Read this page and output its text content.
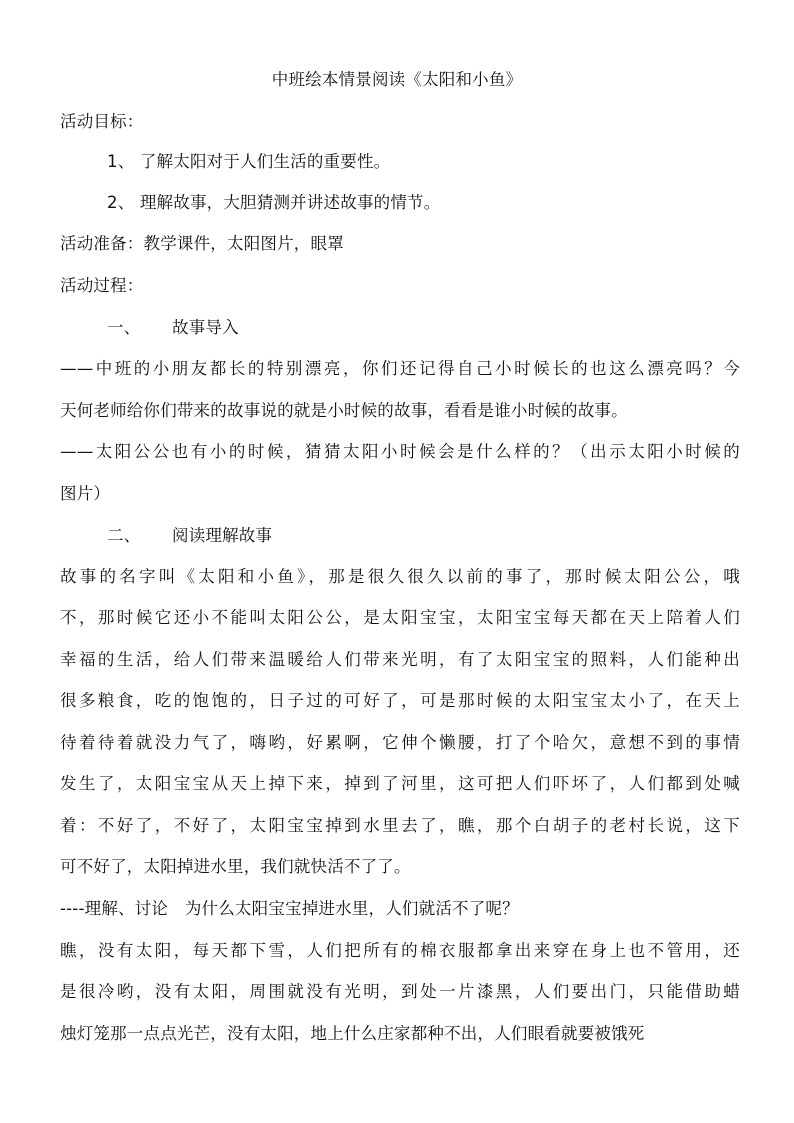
中班绘本情景阅读《太阳和小鱼》
活动目标：
1、 了解太阳对于人们生活的重要性。
2、 理解故事，大胆猜测并讲述故事的情节。
活动准备：教学课件，太阳图片，眼罩
活动过程：
一、 故事导入
——中班的小朋友都长的特别漂亮，你们还记得自己小时候长的也这么漂亮吗？今
天何老师给你们带来的故事说的就是小时候的故事，看看是谁小时候的故事。
——太阳公公也有小的时候，猜猜太阳小时候会是什么样的？（出示太阳小时候的
图片）
二、 阅读理解故事
故事的名字叫《太阳和小鱼》，那是很久很久以前的事了，那时候太阳公公，哦
不，那时候它还小不能叫太阳公公，是太阳宝宝，太阳宝宝每天都在天上陪着人们
幸福的生活，给人们带来温暖给人们带来光明，有了太阳宝宝的照料，人们能种出
很多粮食，吃的饱饱的，日子过的可好了，可是那时候的太阳宝宝太小了，在天上
待着待着就没力气了，嗨哟，好累啊，它伸个懒腰，打了个哈欠，意想不到的事情
发生了，太阳宝宝从天上掉下来，掉到了河里，这可把人们吓坏了，人们都到处喊
着：不好了，不好了，太阳宝宝掉到水里去了，瞧，那个白胡子的老村长说，这下
可不好了，太阳掉进水里，我们就快活不了了。
----理解、讨论　为什么太阳宝宝掉进水里，人们就活不了呢？
瞧，没有太阳，每天都下雪，人们把所有的棉衣服都拿出来穿在身上也不管用，还
是很冷哟，没有太阳，周围就没有光明，到处一片漆黑，人们要出门，只能借助蜡
烛灯笼那一点点光芒，没有太阳，地上什么庄家都种不出，人们眼看就要被饿死
